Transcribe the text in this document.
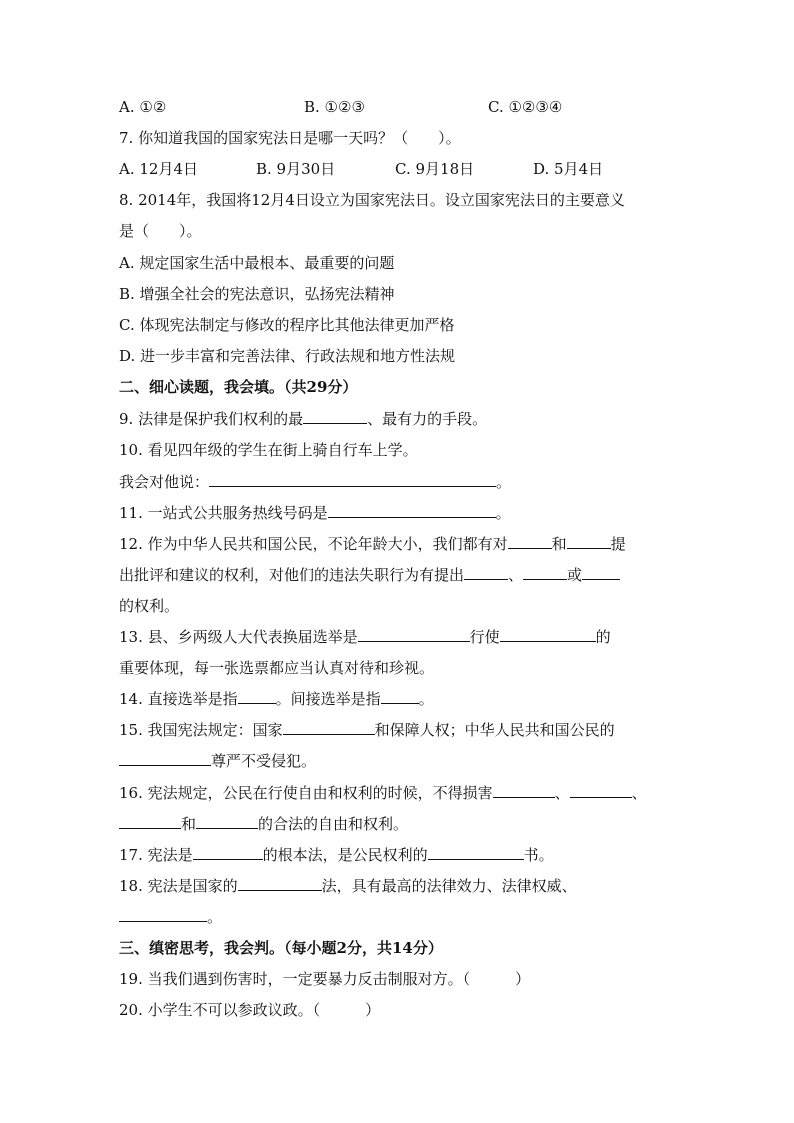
A. ①②	B. ①②③	C. ①②③④
7. 你知道我国的国家宪法日是哪一天吗？（　　）。
A. 12月4日	B. 9月30日	C. 9月18日	D. 5月4日
8. 2014年，我国将12月4日设立为国家宪法日。设立国家宪法日的主要意义
是（　　）。
A. 规定国家生活中最根本、最重要的问题
B. 增强全社会的宪法意识，弘扬宪法精神
C. 体现宪法制定与修改的程序比其他法律更加严格
D. 进一步丰富和完善法律、行政法规和地方性法规
二、细心读题，我会填。（共29分）
9. 法律是保护我们权利的最	、最有力的手段。
10. 看见四年级的学生在街上骑自行车上学。
我会对他说：	。
11. 一站式公共服务热线号码是	。
12. 作为中华人民共和国公民，不论年龄大小，我们都有对	和	提
出批评和建议的权利，对他们的违法失职行为有提出	、	或
的权利。
13. 县、乡两级人大代表换届选举是	行使	的
重要体现，每一张选票都应当认真对待和珍视。
14. 直接选举是指	。间接选举是指	。
15. 我国宪法规定：国家	和保障人权；中华人民共和国公民的
尊严不受侵犯。
16. 宪法规定，公民在行使自由和权利的时候，不得损害	、	、
和	的合法的自由和权利。
17. 宪法是	的根本法，是公民权利的	书。
18. 宪法是国家的	法，具有最高的法律效力、法律权威、
。
三、缜密思考，我会判。（每小题2分，共14分）
19. 当我们遇到伤害时，一定要暴力反击制服对方。（　　　）
20. 小学生不可以参政议政。（　　　）
